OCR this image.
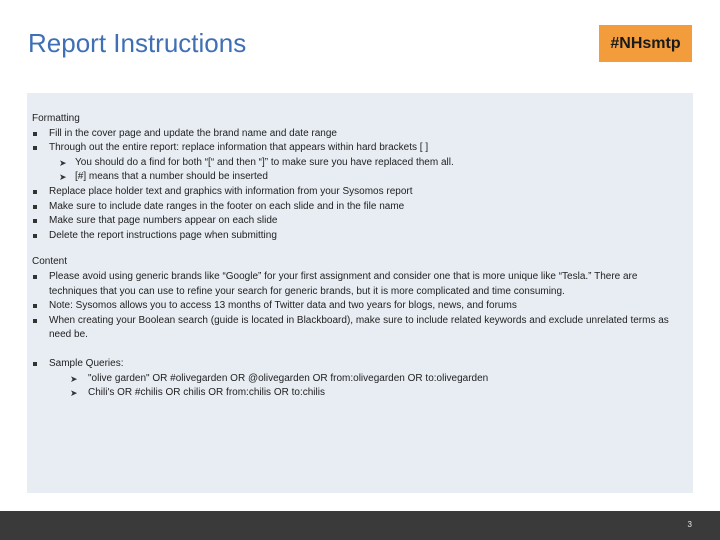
Report Instructions	#NHsmtp
Formatting
Fill in the cover page and update the brand name and date range
Through out the entire report: replace information that appears within hard brackets [ ]
➤ You should do a find for both “[“ and then “]” to make sure you have replaced them all.
➤ [#] means that a number should be inserted
Replace place holder text and graphics with information from your Sysomos report
Make sure to include date ranges in the footer on each slide and in the file name
Make sure that page numbers appear on each slide
Delete the report instructions page when submitting
Content
Please avoid using generic brands like “Google” for your first assignment and consider one that is more unique like “Tesla.” There are techniques that you can use to refine your search for generic brands, but it is more complicated and time consuming.
Note: Sysomos allows you to access 13 months of Twitter data and two years for blogs, news, and forums
When creating your Boolean search (guide is located in Blackboard), make sure to include related keywords and exclude unrelated terms as need be.
Sample Queries:
➤ "olive garden" OR #olivegarden OR @olivegarden OR from:olivegarden OR to:olivegarden
➤ Chili's OR #chilis OR chilis OR from:chilis OR to:chilis
3
